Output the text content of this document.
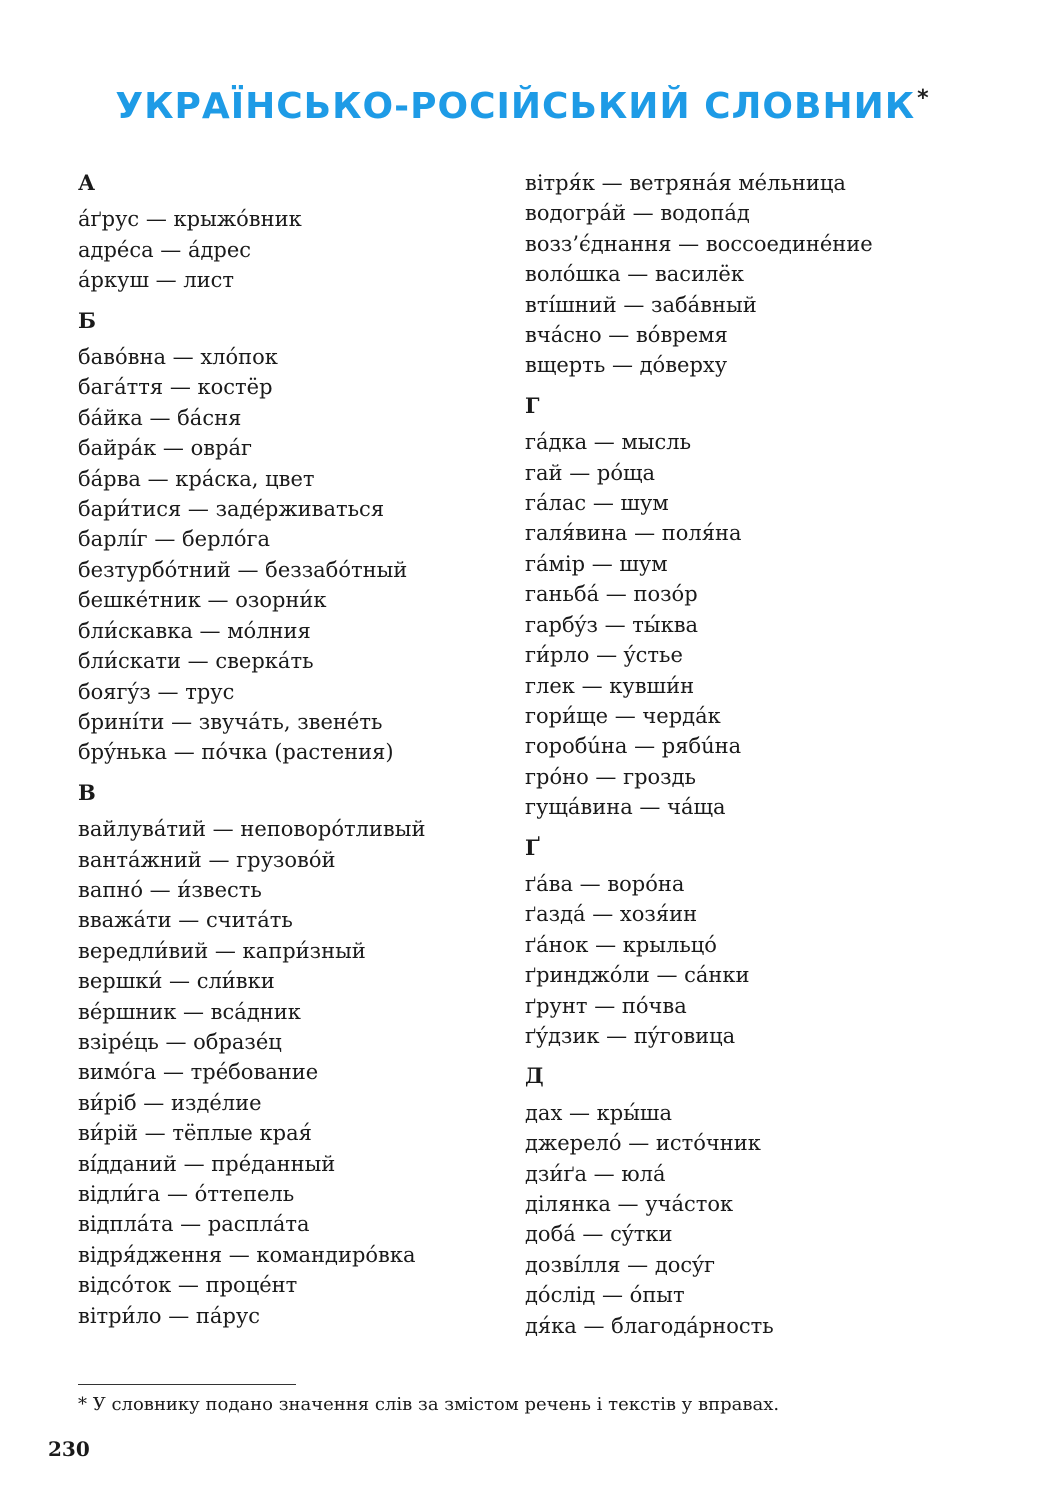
УКРАЇНСЬКО-РОСІЙСЬКИЙ СЛОВНИК*
А
áґрус — крыжóвник
адрéса — áдрес
áркуш — лист
Б
бавóвна — хлóпок
багáття — костёр
бáйка — бáсня
байрáк — оврáг
бáрва — крáска, цвет
бари́тися — задéрживаться
барлíг — берлóга
безтурбóтний — беззабóтный
бешкéтник — озорни́к
бли́скавка — мóлния
бли́скати — сверкáть
боягýз — трус
бринíти — звучáть, звенéть
брýнька — пóчка (растения)
В
вайлувáтий — неповорóтливый
вантáжний — грузовóй
вапнó — и́звесть
вважáти — считáть
вередли́вий — капри́зный
вершки́ — сли́вки
вéршник — всáдник
взірéць — образéц
вимóга — трéбование
ви́ріб — издéлие
ви́рій — тёплые края́
вíдданий — прéданный
відли́га — óттепель
відплáта — расплáта
відря́дження — командирóвка
відсóток — процéнт
вітри́ло — пáрус
вітря́к — ветряна́я мéльница
водогрáй — водопáд
возз’є́днання — воссоединéние
волóшка — василёк
втíшний — забáвный
вчáсно — вóвремя
вщерть — дóверху
Г
гáдка — мысль
гай — рóща
гáлас — шум
галя́вина — поля́на
гáмір — шум
ганьбá — позóр
гарбýз — ты́ква
ги́рло — ýстье
глек — кувши́н
гори́ще — чердáк
горобúна — рябúна
грóно — гроздь
гущáвина — чáща
Ґ
ґáва — ворóна
ґаздá — хозя́ин
ґáнок — крыльцó
ґринджóли — сáнки
ґрунт — пóчва
ґýдзик — пýговица
Д
дах — кры́ша
джерелó — истóчник
дзи́ґа — юлá
ділянка — учáсток
добá — сýтки
дозвíлля — досýг
дóслід — óпыт
дя́ка — благодáрность
* У словнику подано значення слів за змістом речень і текстів у вправах.
230
